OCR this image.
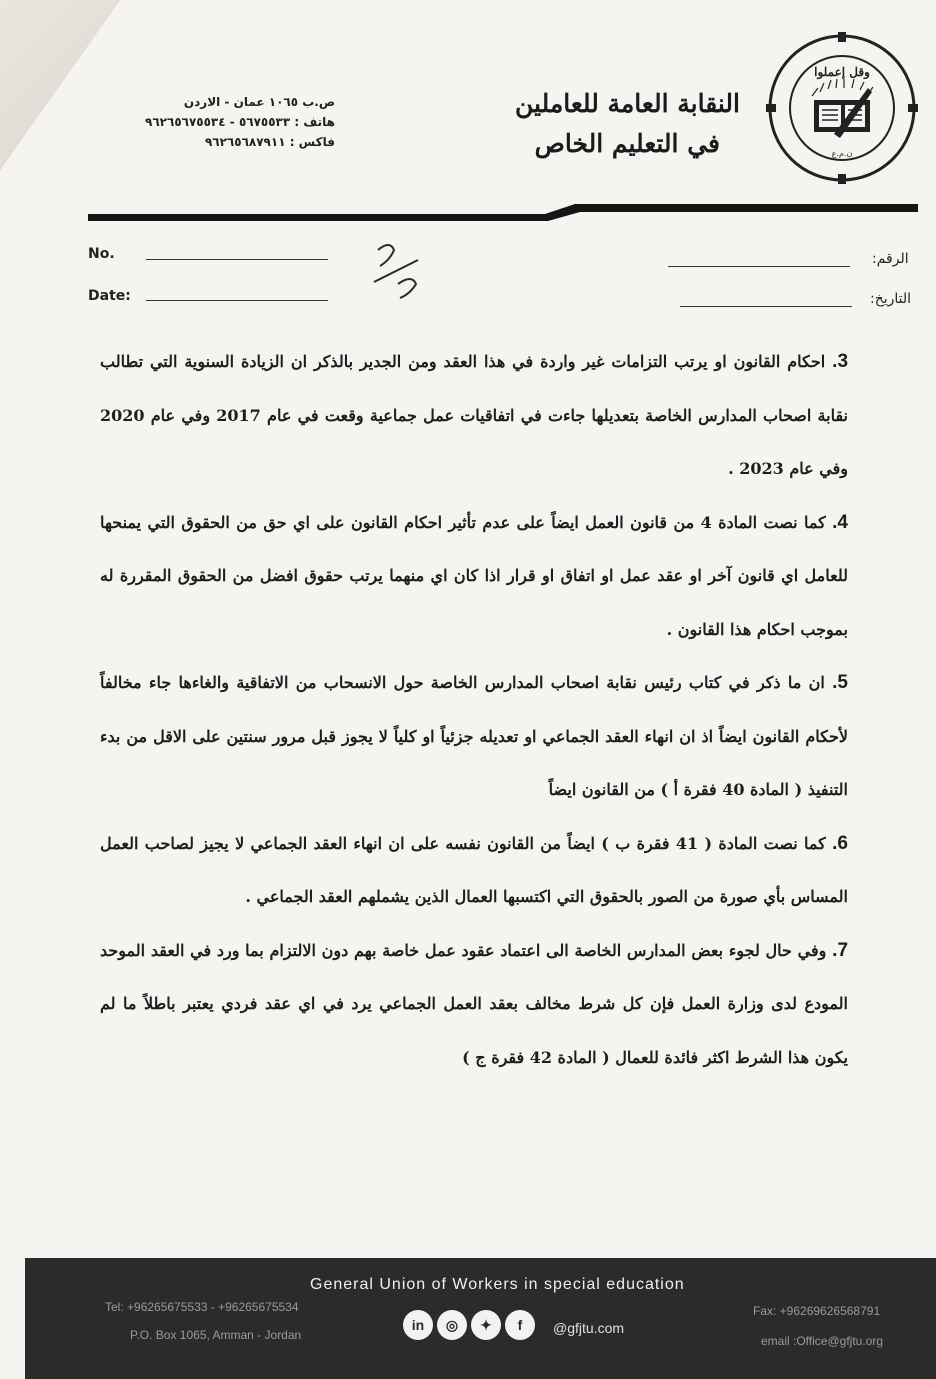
وقل إعملوا
ن.م.ع
النقابة العامة للعاملين
في التعليم الخاص
ص.ب ١٠٦٥ عمان - الاردن
هاتف : ٥٦٧٥٥٣٣ - ٩٦٢٦٥٦٧٥٥٣٤
فاكس : ٩٦٢٦٥٦٨٧٩١١
No.
Date:
الرقم:
التاريخ:

3. احكام القانون او يرتب التزامات غير واردة في هذا العقد ومن الجدير بالذكر ان الزيادة السنوية التي تطالب نقابة اصحاب المدارس الخاصة بتعديلها جاءت في اتفاقيات عمل جماعية وقعت في عام 2017 وفي عام 2020 وفي عام 2023 .

4. كما نصت المادة 4 من قانون العمل ايضاً على عدم تأثير احكام القانون على اي حق من الحقوق التي يمنحها للعامل اي قانون آخر او عقد عمل او اتفاق او قرار اذا كان اي منهما يرتب حقوق افضل من الحقوق المقررة له بموجب احكام هذا القانون .

5. ان ما ذكر في كتاب رئيس نقابة اصحاب المدارس الخاصة حول الانسحاب من الاتفاقية والغاءها جاء مخالفاً لأحكام القانون ايضاً اذ ان انهاء العقد الجماعي او تعديله جزئياً او كلياً لا يجوز قبل مرور سنتين على الاقل من بدء التنفيذ ( المادة 40 فقرة أ ) من القانون ايضاً

6. كما نصت المادة ( 41 فقرة ب ) ايضاً من القانون نفسه على ان انهاء العقد الجماعي لا يجيز لصاحب العمل المساس بأي صورة من الصور بالحقوق التي اكتسبها العمال الذين يشملهم العقد الجماعي .

7. وفي حال لجوء بعض المدارس الخاصة الى اعتماد عقود عمل خاصة بهم دون الالتزام بما ورد في العقد الموحد المودع لدى وزارة العمل فإن كل شرط مخالف بعقد العمل الجماعي يرد في اي عقد فردي يعتبر باطلاً ما لم يكون هذا الشرط اكثر فائدة للعمال ( المادة 42 فقرة ج )

General Union of Workers in special education
Tel: +96265675533 - +96265675534
P.O. Box 1065, Amman - Jordan
in	◎	✦	f	@gfjtu.com
Fax: +96269626568791
email :Office@gfjtu.org
